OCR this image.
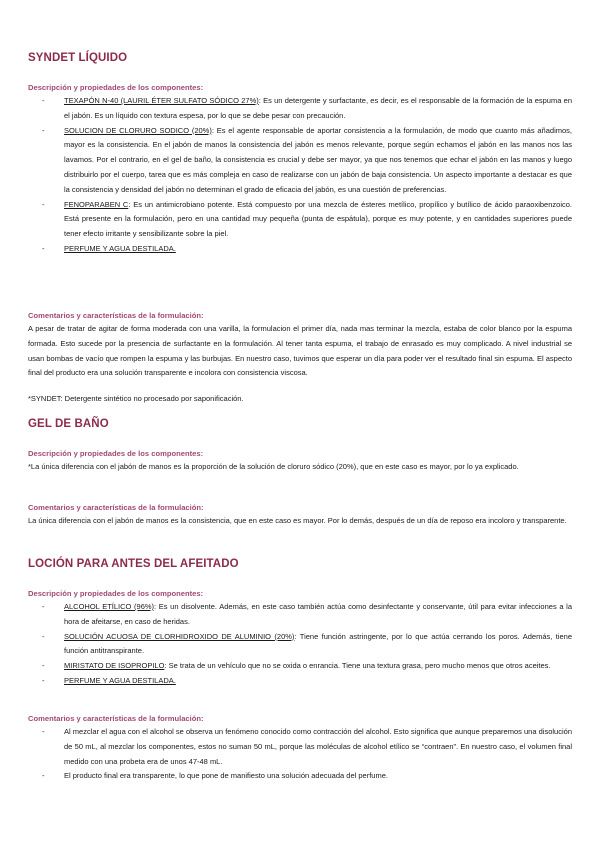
SYNDET LÍQUIDO

Descripción y propiedades de los componentes:

-	TEXAPÓN N-40 (LAURIL ÉTER SULFATO SÓDICO 27%): Es un detergente y surfactante, es decir, es el responsable de la formación de la espuma en el jabón. Es un líquido con textura espesa, por lo que se debe pesar con precaución.
-	SOLUCION DE CLORURO SODICO (20%): Es el agente responsable de aportar consistencia a la formulación, de modo que cuanto más añadimos, mayor es la consistencia. En el jabón de manos la consistencia del jabón es menos relevante, porque según echamos el jabón en las manos nos las lavamos. Por el contrario, en el gel de baño, la consistencia es crucial y debe ser mayor, ya que nos tenemos que echar el jabón en las manos y luego distribuirlo por el cuerpo, tarea que es más compleja en caso de realizarse con un jabón de baja consistencia. Un aspecto importante a destacar es que la consistencia y densidad del jabón no determinan el grado de eficacia del jabón, es una cuestión de preferencias.
-	FENOPARABEN C: Es un antimicrobiano potente. Está compuesto por una mezcla de ésteres metílico, propílico y butílico de ácido paraoxibenzoico. Está presente en la formulación, pero en una cantidad muy pequeña (punta de espátula), porque es muy potente, y en cantidades superiores puede tener efecto irritante y sensibilizante sobre la piel.
-	PERFUME Y AGUA DESTILADA.

Comentarios y características de la formulación:

A pesar de tratar de agitar de forma moderada con una varilla, la formulacion el primer día, nada mas terminar la mezcla, estaba de color blanco por la espuma formada. Esto sucede por la presencia de surfactante en la formulación. Al tener tanta espuma, el trabajo de enrasado es muy complicado. A nivel industrial se usan bombas de vacío que rompen la espuma y las burbujas. En nuestro caso, tuvimos que esperar un día para poder ver el resultado final sin espuma. El aspecto final del producto era una solución transparente e incolora con consistencia viscosa.

*SYNDET: Detergente sintético no procesado por saponificación.

GEL DE BAÑO

Descripción y propiedades de los componentes:

*La única diferencia con el jabón de manos es la proporción de la solución de cloruro sódico (20%), que en este caso es mayor, por lo ya explicado.

Comentarios y características de la formulación:

La única diferencia con el jabón de manos es la consistencia, que en este caso es mayor. Por lo demás, después de un día de reposo era incoloro y transparente.

LOCIÓN PARA ANTES DEL AFEITADO

Descripción y propiedades de los componentes:

-	ALCOHOL ETÍLICO (96%): Es un disolvente. Además, en este caso también actúa como desinfectante y conservante, útil para evitar infecciones a la hora de afeitarse, en caso de heridas.
-	SOLUCIÓN ACUOSA DE CLORHIDROXIDO DE ALUMINIO (20%): Tiene función astringente, por lo que actúa cerrando los poros. Además, tiene función antitranspirante.
-	MIRISTATO DE ISOPROPILO: Se trata de un vehículo que no se oxida o enrancia. Tiene una textura grasa, pero mucho menos que otros aceites.
-	PERFUME Y AGUA DESTILADA.

Comentarios y características de la formulación:

-	Al mezclar el agua con el alcohol se observa un fenómeno conocido como contracción del alcohol. Esto significa que aunque preparemos una disolución de 50 mL, al mezclar los componentes, estos no suman 50 mL, porque las moléculas de alcohol etílico se “contraen”. En nuestro caso, el volumen final medido con una probeta era de unos 47-48 mL.
-	El producto final era transparente, lo que pone de manifiesto una solución adecuada del perfume.
